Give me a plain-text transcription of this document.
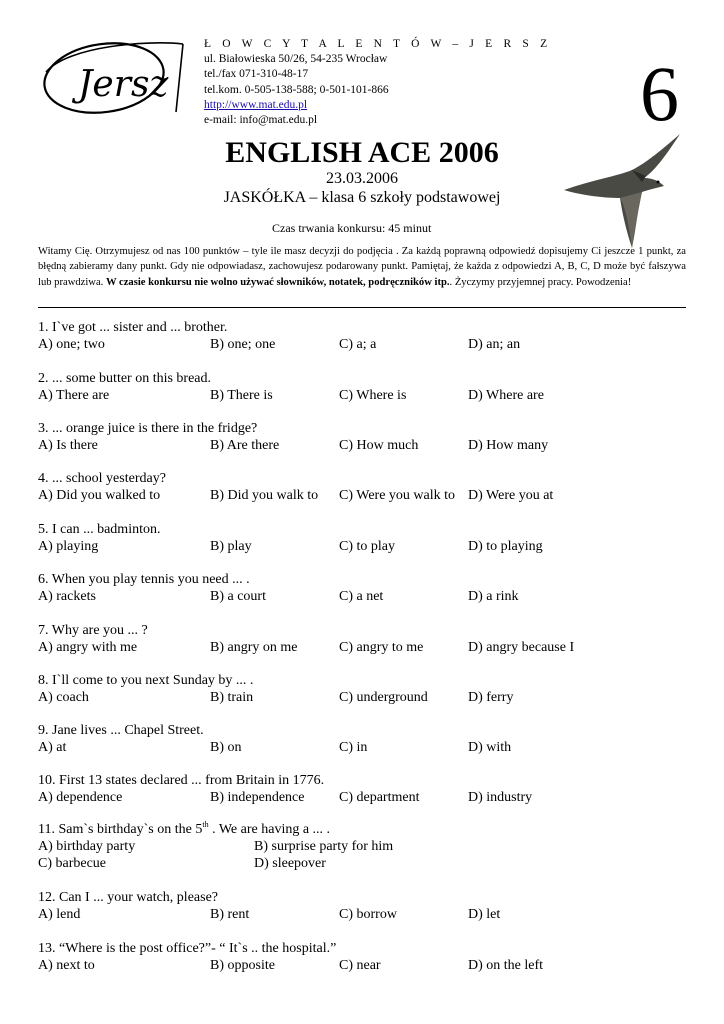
Jersz
Ł O W C Y T A L E N T Ó W – J E R S Z
ul. Białowieska 50/26, 54-235 Wrocław
tel./fax 071-310-48-17
tel.kom. 0-505-138-588; 0-501-101-866
http://www.mat.edu.pl
e-mail: info@mat.edu.pl	6
ENGLISH ACE 2006
23.03.2006
JASKÓŁKA – klasa 6 szkoły podstawowej
Czas trwania konkursu: 45 minut
Witamy Cię. Otrzymujesz od nas 100 punktów – tyle ile masz decyzji do podjęcia . Za każdą poprawną odpowiedź dopisujemy Ci jeszcze 1 punkt, za błędną zabieramy dany punkt. Gdy nie odpowiadasz, zachowujesz podarowany punkt. Pamiętaj, że każda z odpowiedzi A, B, C, D może być fałszywa lub prawdziwa. W czasie konkursu nie wolno używać słowników, notatek, podręczników itp.. Życzymy przyjemnej pracy. Powodzenia!
1. I`ve got ... sister and ... brother.
A) one; two	B) one; one	C) a; a	D) an; an
2. ... some butter on this bread.
A) There are	B) There is	C) Where is	D) Where are
3. ... orange juice is there in the fridge?
A) Is there	B) Are there	C) How much	D) How many
4. ... school yesterday?
A) Did you walked to	B) Did you walk to C) Were you walk to D) Were you at
5. I can ... badminton.
A) playing	B) play	C) to play	D) to playing
6. When you play tennis you need ... .
A) rackets	B) a court	C) a net	D) a rink
7. Why are you ... ?
A) angry with me	B) angry on me	C) angry to me	D) angry because I
8. I`ll come to you next Sunday by ... .
A) coach	B) train	C) underground	D) ferry
9. Jane lives ... Chapel Street.
A) at	B) on	C) in	D) with
10. First 13 states declared ... from Britain in 1776.
A) dependence	B) independence C) department	D) industry
11. Sam`s birthday`s on the 5th . We are having a ... .
A) birthday party	B) surprise party for him
C) barbecue	D) sleepover
12. Can I ... your watch, please?
A) lend	B) rent	C) borrow	D) let
13. “Where is the post office?”- “ It`s .. the hospital.”
A) next to	B) opposite	C) near	D) on the left
